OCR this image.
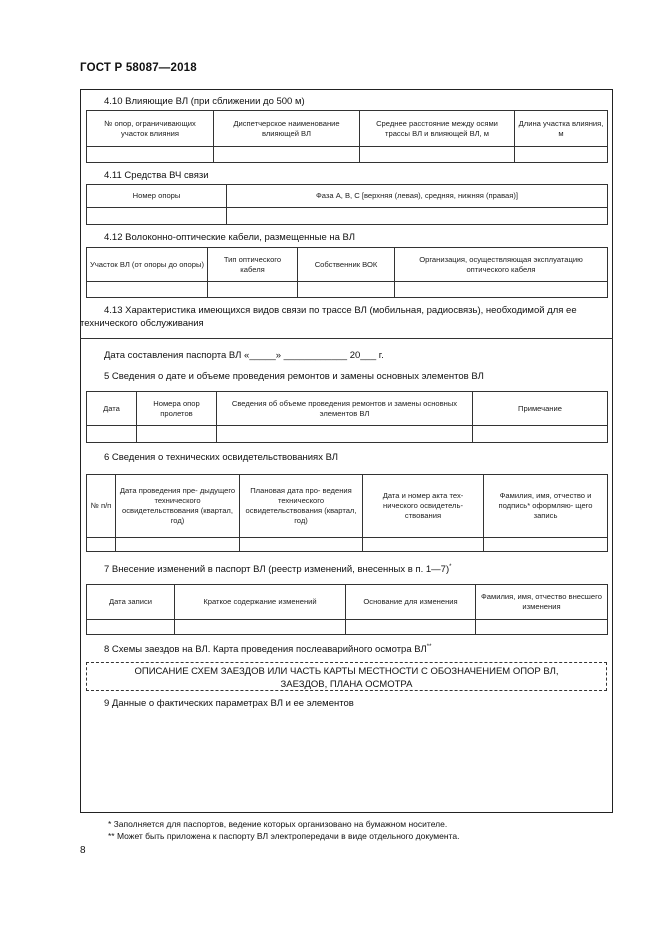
ГОСТ Р 58087—2018
4.10 Влияющие ВЛ (при сближении до 500 м)
№ опор, ограничивающих участок влияния	Диспетчерское наименование влияющей ВЛ	Среднее расстояние между осями трассы ВЛ и влияющей ВЛ, м	Длина участка влияния, м

4.11 Средства ВЧ связи
Номер опоры	Фаза А, В, С [верхняя (левая), средняя, нижняя (правая)]

4.12 Волоконно-оптические кабели, размещенные на ВЛ
Участок ВЛ (от опоры до опоры)	Тип оптического кабеля	Собственник ВОК	Организация, осуществляющая эксплуатацию оптического кабеля

4.13 Характеристика имеющихся видов связи по трассе ВЛ (мобильная, радиосвязь), необходимой для ее
технического обслуживания
Дата составления паспорта ВЛ «_____» ____________ 20___ г.
5 Сведения о дате и объеме проведения ремонтов и замены основных элементов ВЛ
Дата	Номера опор пролетов	Сведения об объеме проведения ремонтов и замены основных элементов ВЛ	Примечание

6 Сведения о технических освидетельствованиях ВЛ
№ п/п	Дата проведения пре- дыдущего технического освидетельствования (квартал, год)	Плановая дата про- ведения технического освидетельствования (квартал, год)	Дата и номер акта тех- нического освидетель- ствования	Фамилия, имя, отчество и подпись* оформляю- щего запись

7 Внесение изменений в паспорт ВЛ (реестр изменений, внесенных в п. 1—7)*
Дата записи	Краткое содержание изменений	Основание для изменения	Фамилия, имя, отчество внесшего изменения

8 Схемы заездов на ВЛ. Карта проведения послеаварийного осмотра ВЛ**
ОПИСАНИЕ СХЕМ ЗАЕЗДОВ ИЛИ ЧАСТЬ КАРТЫ МЕСТНОСТИ С ОБОЗНАЧЕНИЕМ ОПОР ВЛ,
ЗАЕЗДОВ, ПЛАНА ОСМОТРА
9 Данные о фактических параметрах ВЛ и ее элементов
* Заполняется для паспортов, ведение которых организовано на бумажном носителе.
** Может быть приложена к паспорту ВЛ электропередачи в виде отдельного документа.
8
